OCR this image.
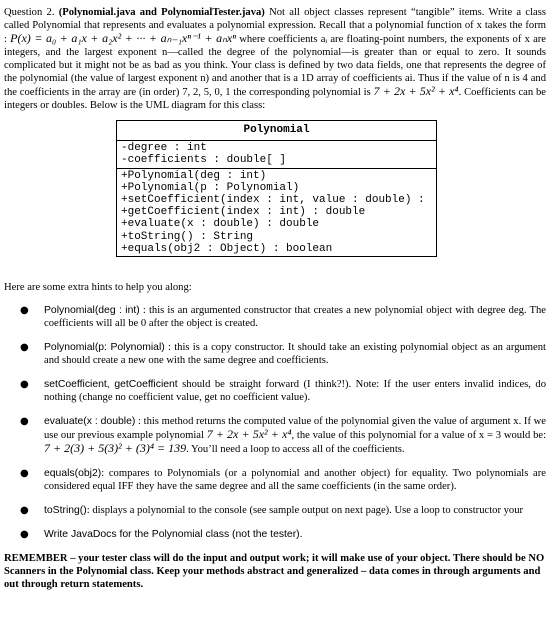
Question 2. (Polynomial.java and PolynomialTester.java) Not all object classes represent “tangible” items. Write a class called Polynomial that represents and evaluates a polynomial expression. Recall that a polynomial function of x takes the form : P(x) = a₀ + a₁x + a₂x² + ··· + aₙ₋₁xⁿ⁻¹ + aₙxⁿ where coefficients aᵢ are floating-point numbers, the exponents of x are integers, and the largest exponent n—called the degree of the polynomial—is greater than or equal to zero. It sounds complicated but it might not be as bad as you think. Your class is defined by two data fields, one that represents the degree of the polynomial (the value of largest exponent n) and another that is a 1D array of coefficients ai. Thus if the value of n is 4 and the coefficients in the array are (in order) 7, 2, 5, 0, 1 the corresponding polynomial is 7 + 2x + 5x² + x⁴. Coefficients can be integers or doubles. Below is the UML diagram for this class:

Polynomial
-degree : int
-coefficients : double[ ]
+Polynomial(deg : int)
+Polynomial(p : Polynomial)
+setCoefficient(index : int, value : double) :
+getCoefficient(index : int) : double
+evaluate(x : double) : double
+toString() : String
+equals(obj2 : Object) : boolean

Here are some extra hints to help you along:

● Polynomial(deg : int) : this is an argumented constructor that creates a new polynomial object with degree deg. The coefficients will all be 0 after the object is created.
● Polynomial(p: Polynomial) : this is a copy constructor. It should take an existing polynomial object as an argument and should create a new one with the same degree and coefficients.
● setCoefficient, getCoefficient should be straight forward (I think?!). Note: If the user enters invalid indices, do nothing (change no coefficient value, get no coefficient value).
● evaluate(x : double) : this method returns the computed value of the polynomial given the value of argument x. If we use our previous example polynomial 7 + 2x + 5x² + x⁴, the value of this polynomial for a value of x = 3 would be: 7 + 2(3) + 5(3)² + (3)⁴ = 139. You’ll need a loop to access all of the coefficients.
● equals(obj2): compares to Polynomials (or a polynomial and another object) for equality. Two polynomials are considered equal IFF they have the same degree and all the same coefficients (in the same order).
● toString(): displays a polynomial to the console (see sample output on next page). Use a loop to constructor your
● Write JavaDocs for the Polynomial class (not the tester).

REMEMBER – your tester class will do the input and output work; it will make use of your object. There should be NO Scanners in the Polynomial class. Keep your methods abstract and generalized – data comes in through arguments and out through return statements.
